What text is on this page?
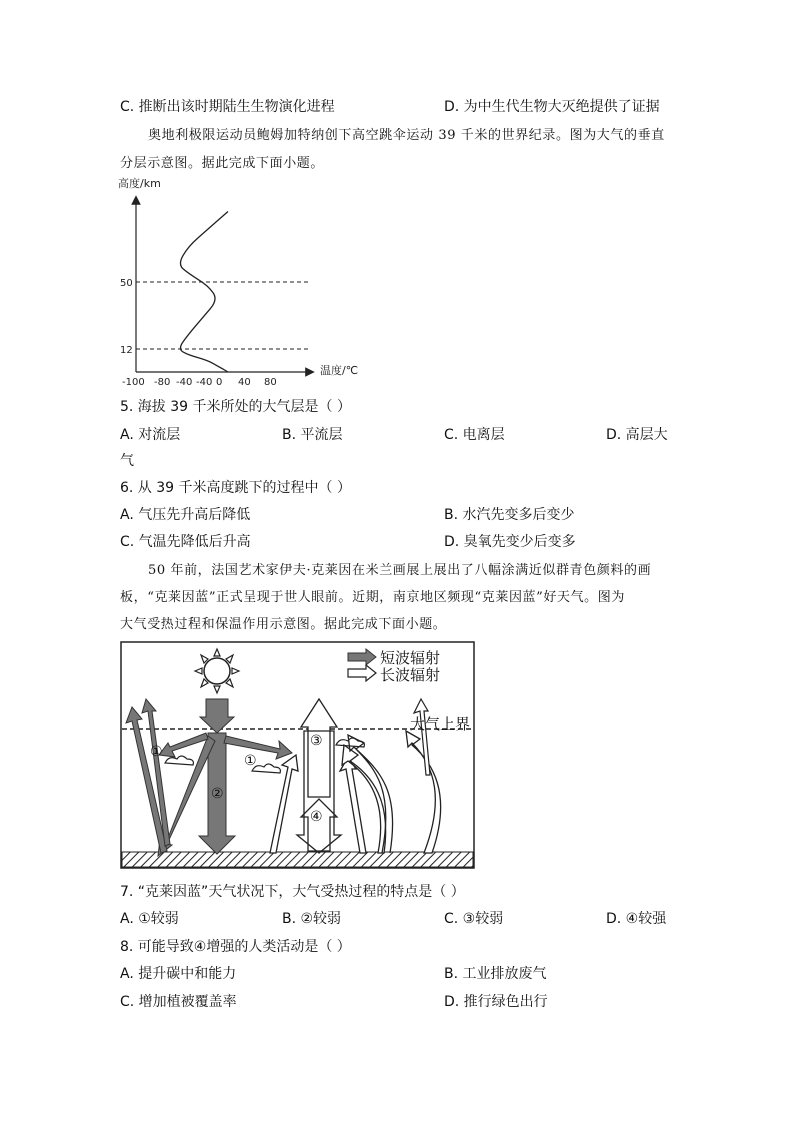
C. 推断出该时期陆生生物演化进程	D. 为中生代生物大灭绝提供了证据
奥地利极限运动员鲍姆加特纳创下高空跳伞运动 39 千米的世界纪录。图为大气的垂直
分层示意图。据此完成下面小题。
高度/km
温度/℃
50
12
-100 -80 -40 -40 0 40 80
5. 海拔 39 千米所处的大气层是（ ）
A. 对流层	B. 平流层	C. 电离层	D. 高层大
气
6. 从 39 千米高度跳下的过程中（ ）
A. 气压先升高后降低	B. 水汽先变多后变少
C. 气温先降低后升高	D. 臭氧先变少后变多
50 年前，法国艺术家伊夫·克莱因在米兰画展上展出了八幅涂满近似群青色颜料的画
板，“克莱因蓝”正式呈现于世人眼前。近期，南京地区频现“克莱因蓝”好天气。图为
大气受热过程和保温作用示意图。据此完成下面小题。
短波辐射
长波辐射
大气上界
①
①
②
③
④
7. “克莱因蓝”天气状况下，大气受热过程的特点是（ ）
A. ①较弱	B. ②较弱	C. ③较弱	D. ④较强
8. 可能导致④增强的人类活动是（ ）
A. 提升碳中和能力	B. 工业排放废气
C. 增加植被覆盖率	D. 推行绿色出行
